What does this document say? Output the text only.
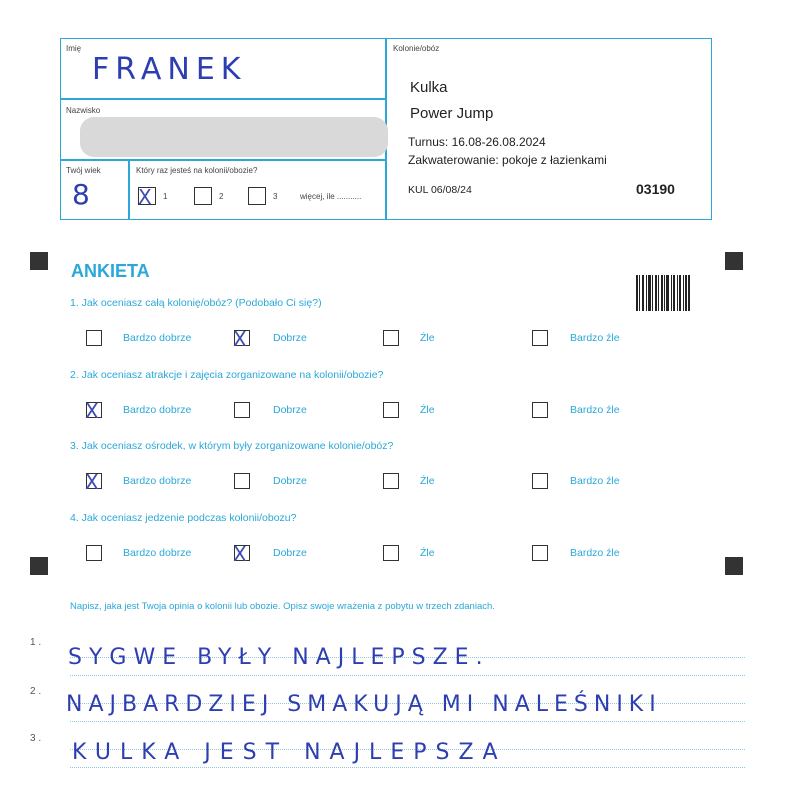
Imię
FRANEK
Nazwisko
Twój wiek
8
Który raz jesteś na kolonii/obozie?
X 1	2	3	więcej, ile ...........
Kolonie/obóz
Kulka
Power Jump
Turnus: 16.08-26.08.2024
Zakwaterowanie: pokoje z łazienkami
KUL 06/08/24	03190
ANKIETA
1. Jak oceniasz całą kolonię/obóz? (Podobało Ci się?)
Bardzo dobrze X	Dobrze	Źle	Bardzo źle
2. Jak oceniasz atrakcje i zajęcia zorganizowane na kolonii/obozie?
X Bardzo dobrze	Dobrze	Źle	Bardzo źle
3. Jak oceniasz ośrodek, w którym były zorganizowane kolonie/obóz?
X Bardzo dobrze	Dobrze	Źle	Bardzo źle
4. Jak oceniasz jedzenie podczas kolonii/obozu?
Bardzo dobrze X	Dobrze	Źle	Bardzo źle
Napisz, jaka jest Twoja opinia o kolonii lub obozie. Opisz swoje wrażenia z pobytu w trzech zdaniach.
1 .
SYGWE BYŁY NAJLEPSZE.
2 .
NAJBARDZIEJ SMAKUJĄ MI NALEŚNIKI
3 .
KULKA JEST NAJLEPSZA
